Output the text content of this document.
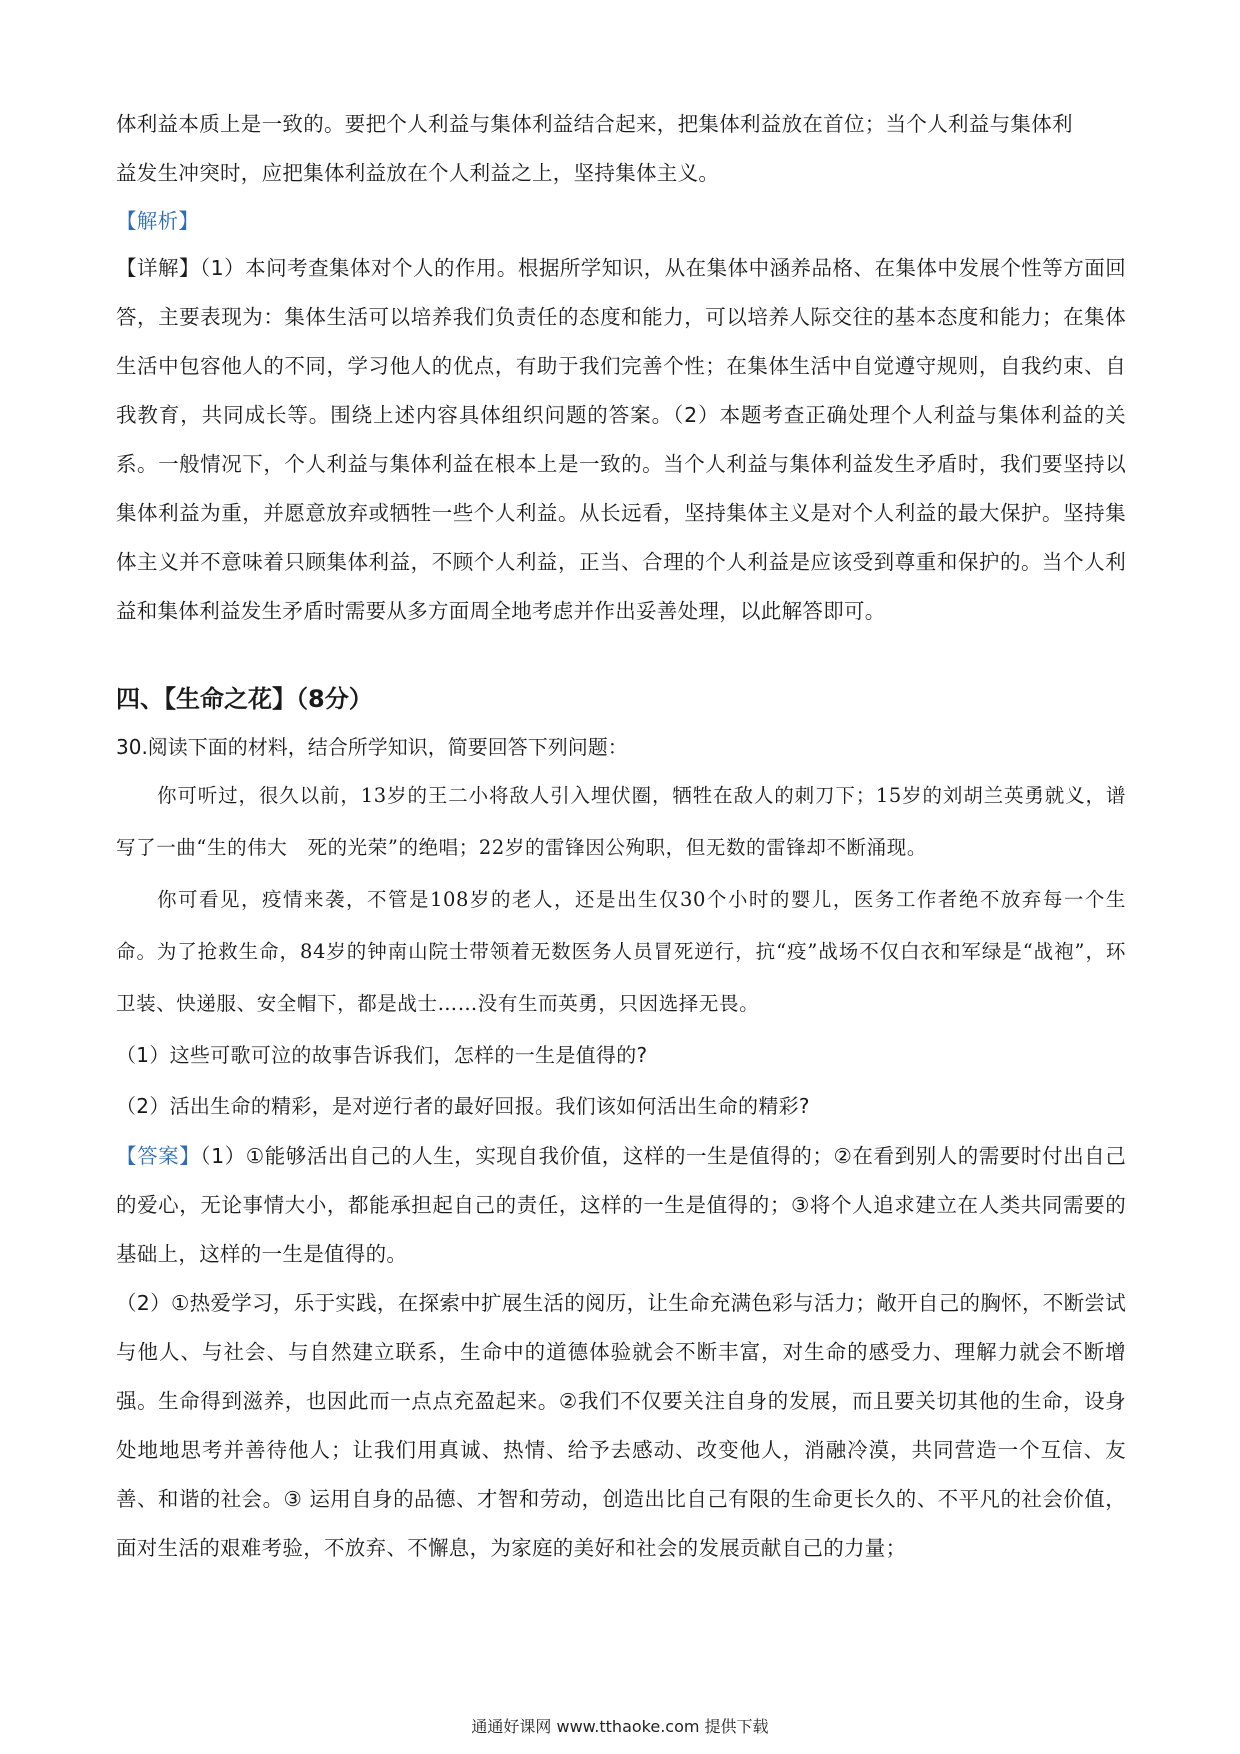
体利益本质上是一致的。要把个人利益与集体利益结合起来，把集体利益放在首位；当个人利益与集体利

益发生冲突时，应把集体利益放在个人利益之上，坚持集体主义。

【解析】

【详解】（1）本问考查集体对个人的作用。根据所学知识，从在集体中涵养品格、在集体中发展个性等方面回答，主要表现为：集体生活可以培养我们负责任的态度和能力，可以培养人际交往的基本态度和能力；在集体生活中包容他人的不同，学习他人的优点，有助于我们完善个性；在集体生活中自觉遵守规则，自我约束、自我教育，共同成长等。围绕上述内容具体组织问题的答案。（2）本题考查正确处理个人利益与集体利益的关系。一般情况下，个人利益与集体利益在根本上是一致的。当个人利益与集体利益发生矛盾时，我们要坚持以集体利益为重，并愿意放弃或牺牲一些个人利益。从长远看，坚持集体主义是对个人利益的最大保护。坚持集体主义并不意味着只顾集体利益，不顾个人利益，正当、合理的个人利益是应该受到尊重和保护的。当个人利益和集体利益发生矛盾时需要从多方面周全地考虑并作出妥善处理，以此解答即可。

四、【生命之花】（8分）
30.阅读下面的材料，结合所学知识，简要回答下列问题：

你可听过，很久以前，13岁的王二小将敌人引入埋伏圈，牺牲在敌人的刺刀下；15岁的刘胡兰英勇就义，谱写了一曲“生的伟大　死的光荣”的绝唱；22岁的雷锋因公殉职，但无数的雷锋却不断涌现。

你可看见，疫情来袭，不管是108岁的老人，还是出生仅30个小时的婴儿，医务工作者绝不放弃每一个生命。为了抢救生命，84岁的钟南山院士带领着无数医务人员冒死逆行，抗“疫”战场不仅白衣和军绿是“战袍”，环卫装、快递服、安全帽下，都是战士……没有生而英勇，只因选择无畏。

（1）这些可歌可泣的故事告诉我们，怎样的一生是值得的?

（2）活出生命的精彩，是对逆行者的最好回报。我们该如何活出生命的精彩?

【答案】（1）①能够活出自己的人生，实现自我价值，这样的一生是值得的；②在看到别人的需要时付出自己的爱心，无论事情大小，都能承担起自己的责任，这样的一生是值得的；③将个人追求建立在人类共同需要的基础上，这样的一生是值得的。

（2）①热爱学习，乐于实践，在探索中扩展生活的阅历，让生命充满色彩与活力；敞开自己的胸怀，不断尝试与他人、与社会、与自然建立联系，生命中的道德体验就会不断丰富，对生命的感受力、理解力就会不断增强。生命得到滋养，也因此而一点点充盈起来。②我们不仅要关注自身的发展，而且要关切其他的生命，设身处地地思考并善待他人；让我们用真诚、热情、给予去感动、改变他人，消融冷漠，共同营造一个互信、友善、和谐的社会。③ 运用自身的品德、才智和劳动，创造出比自己有限的生命更长久的、不平凡的社会价值，面对生活的艰难考验，不放弃、不懈息，为家庭的美好和社会的发展贡献自己的力量；

通通好课网 www.tthaoke.com 提供下载
